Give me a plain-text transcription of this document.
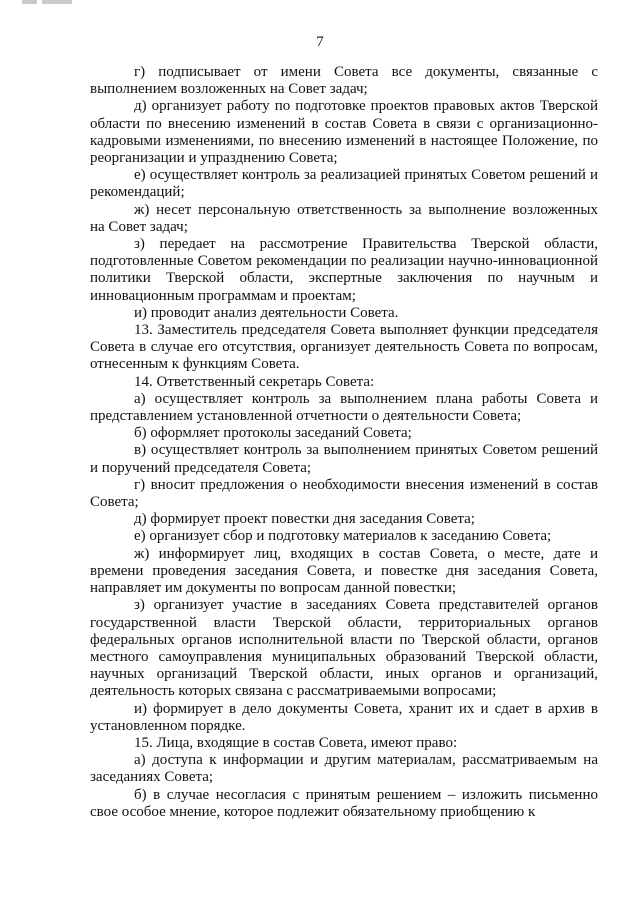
7

г) подписывает от имени Совета все документы, связанные с выполнением возложенных на Совет задач;

д) организует работу по подготовке проектов правовых актов Тверской области по внесению изменений в состав Совета в связи с организационно-кадровыми изменениями, по внесению изменений в настоящее Положение, по реорганизации и упразднению Совета;

е) осуществляет контроль за реализацией принятых Советом решений и рекомендаций;

ж) несет персональную ответственность за выполнение возложенных на Совет задач;

з) передает на рассмотрение Правительства Тверской области, подготовленные Советом рекомендации по реализации научно-инновационной политики Тверской области, экспертные заключения по научным и инновационным программам и проектам;

и) проводит анализ деятельности Совета.

13. Заместитель председателя Совета выполняет функции председателя Совета в случае его отсутствия, организует деятельность Совета по вопросам, отнесенным к функциям Совета.

14. Ответственный секретарь Совета:

а) осуществляет контроль за выполнением плана работы Совета и представлением установленной отчетности о деятельности Совета;

б) оформляет протоколы заседаний Совета;

в) осуществляет контроль за выполнением принятых Советом решений и поручений председателя Совета;

г) вносит предложения о необходимости внесения изменений в состав Совета;

д) формирует проект повестки дня заседания Совета;

е) организует сбор и подготовку материалов к заседанию Совета;

ж) информирует лиц, входящих в состав Совета, о месте, дате и времени проведения заседания Совета, и повестке дня заседания Совета, направляет им документы по вопросам данной повестки;

з) организует участие в заседаниях Совета представителей органов государственной власти Тверской области, территориальных органов федеральных органов исполнительной власти по Тверской области, органов местного самоуправления муниципальных образований Тверской области, научных организаций Тверской области, иных органов и организаций, деятельность которых связана с рассматриваемыми вопросами;

и) формирует в дело документы Совета, хранит их и сдает в архив в установленном порядке.

15. Лица, входящие в состав Совета, имеют право:

а) доступа к информации и другим материалам, рассматриваемым на заседаниях Совета;

б) в случае несогласия с принятым решением – изложить письменно свое особое мнение, которое подлежит обязательному приобщению к
